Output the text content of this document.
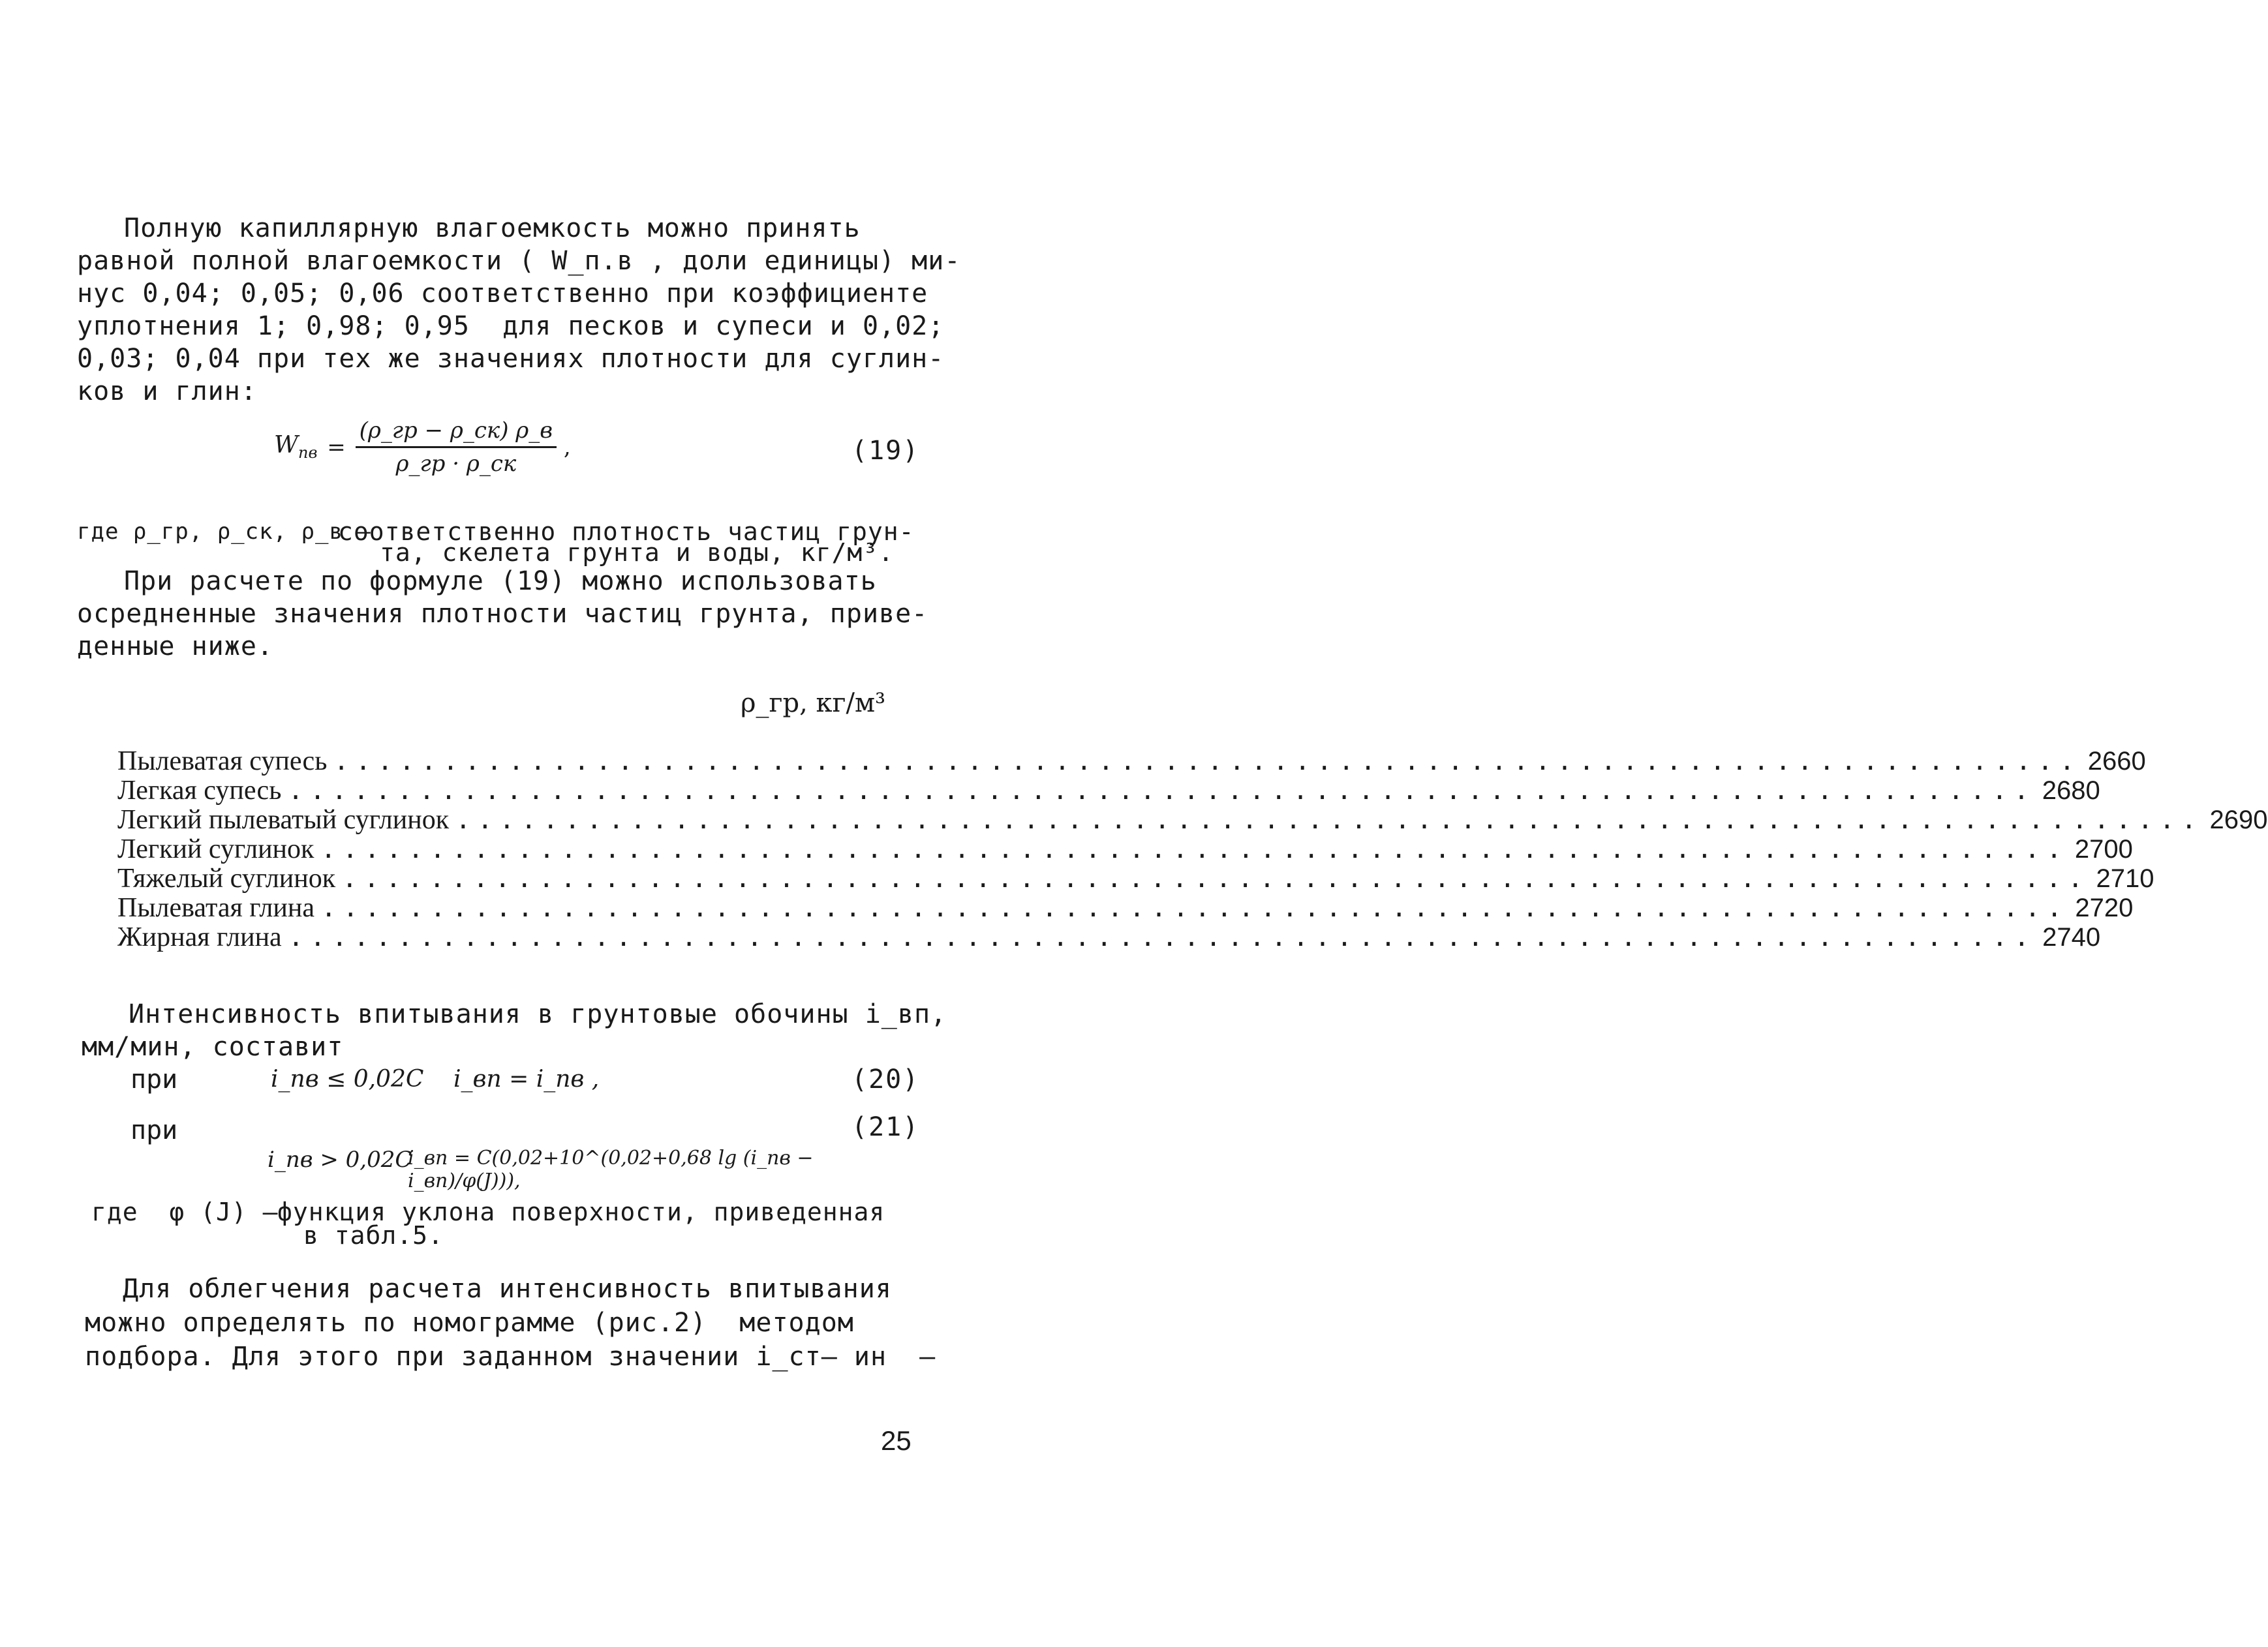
Полную капиллярную влагоемкость можно принять

равной полной влагоемкости ( W_п.в , доли единицы) ми-

нус 0,04; 0,05; 0,06 соответственно при коэффициенте

уплотнения 1; 0,98; 0,95  для песков и супеси и 0,02;

0,03; 0,04 при тех же значениях плотности для суглин-

ков и глин:

$W_{пв} = \frac{(\rho\_гр - \rho\_ск) \rho\_в}{\rho\_гр \cdot \rho\_ск}$ ,	(19)

где ρ_гр, ρ_ск, ρ_в –

соответственно плотность частиц грун-

та, скелета грунта и воды, кг/м³.

При расчете по формуле (19) можно использовать

осредненные значения плотности частиц грунта, приве-

денные ниже.

ρ_гр, кг/м³
Пылеватая супесь ................................................................................ 2660
Легкая супесь ................................................................................ 2680
Легкий пылеватый суглинок ................................................................................ 2690
Легкий суглинок ................................................................................ 2700
Тяжелый суглинок ................................................................................ 2710
Пылеватая глина ................................................................................ 2720
Жирная глина ................................................................................ 2740

Интенсивность впитывания в грунтовые обочины i_вп,

мм/мин, составит

при	i_пв ≤ 0,02C i_вп = i_пв ,	(20)
при
i_пв > 0,02C
i_вп = C(0,02+10^(0,02+0,68 lg (i_пв − i_вп)/φ(J))),
(21)

где  φ (J) –

функция уклона поверхности, приведенная

в табл.5.

Для облегчения расчета интенсивность впитывания

можно определять по номограмме (рис.2)  методом

подбора. Для этого при заданном значении i_ст– ин  –

25
